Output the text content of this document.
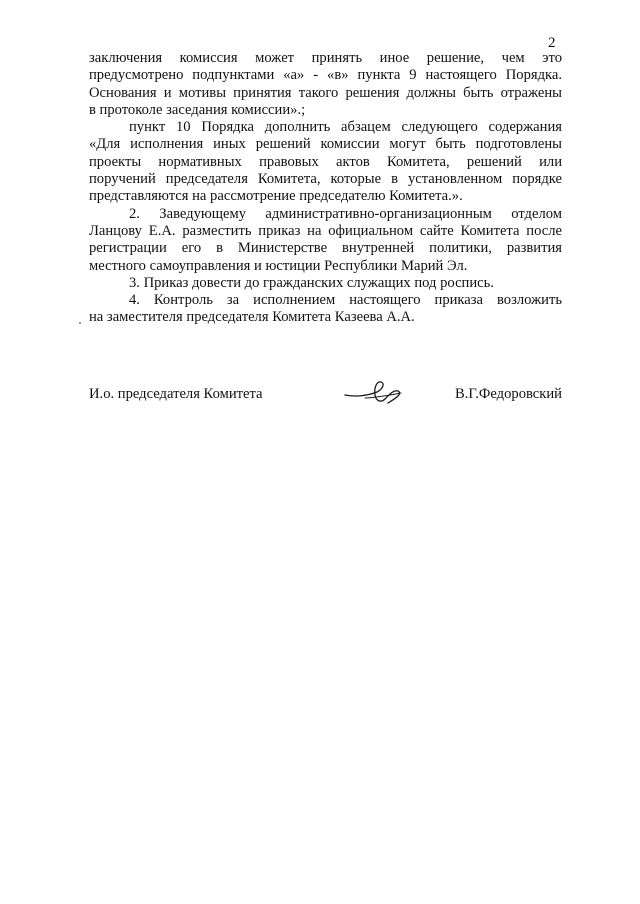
2
заключения комиссия может принять иное решение, чем это
предусмотрено подпунктами «а» - «в» пункта 9 настоящего Порядка.
Основания и мотивы принятия такого решения должны быть отражены
в протоколе заседания комиссии».;
пункт 10 Порядка дополнить абзацем следующего содержания
«Для исполнения иных решений комиссии могут быть подготовлены
проекты нормативных правовых актов Комитета, решений или
поручений председателя Комитета, которые в установленном порядке
представляются на рассмотрение председателю Комитета.».
2. Заведующему административно-организационным отделом
Ланцову Е.А. разместить приказ на официальном сайте Комитета после
регистрации его в Министерстве внутренней политики, развития
местного самоуправления и юстиции Республики Марий Эл.
3. Приказ довести до гражданских служащих под роспись.
4. Контроль за исполнением настоящего приказа возложить
на заместителя председателя Комитета Казеева А.А.
И.о. председателя Комитета	В.Г.Федоровский
